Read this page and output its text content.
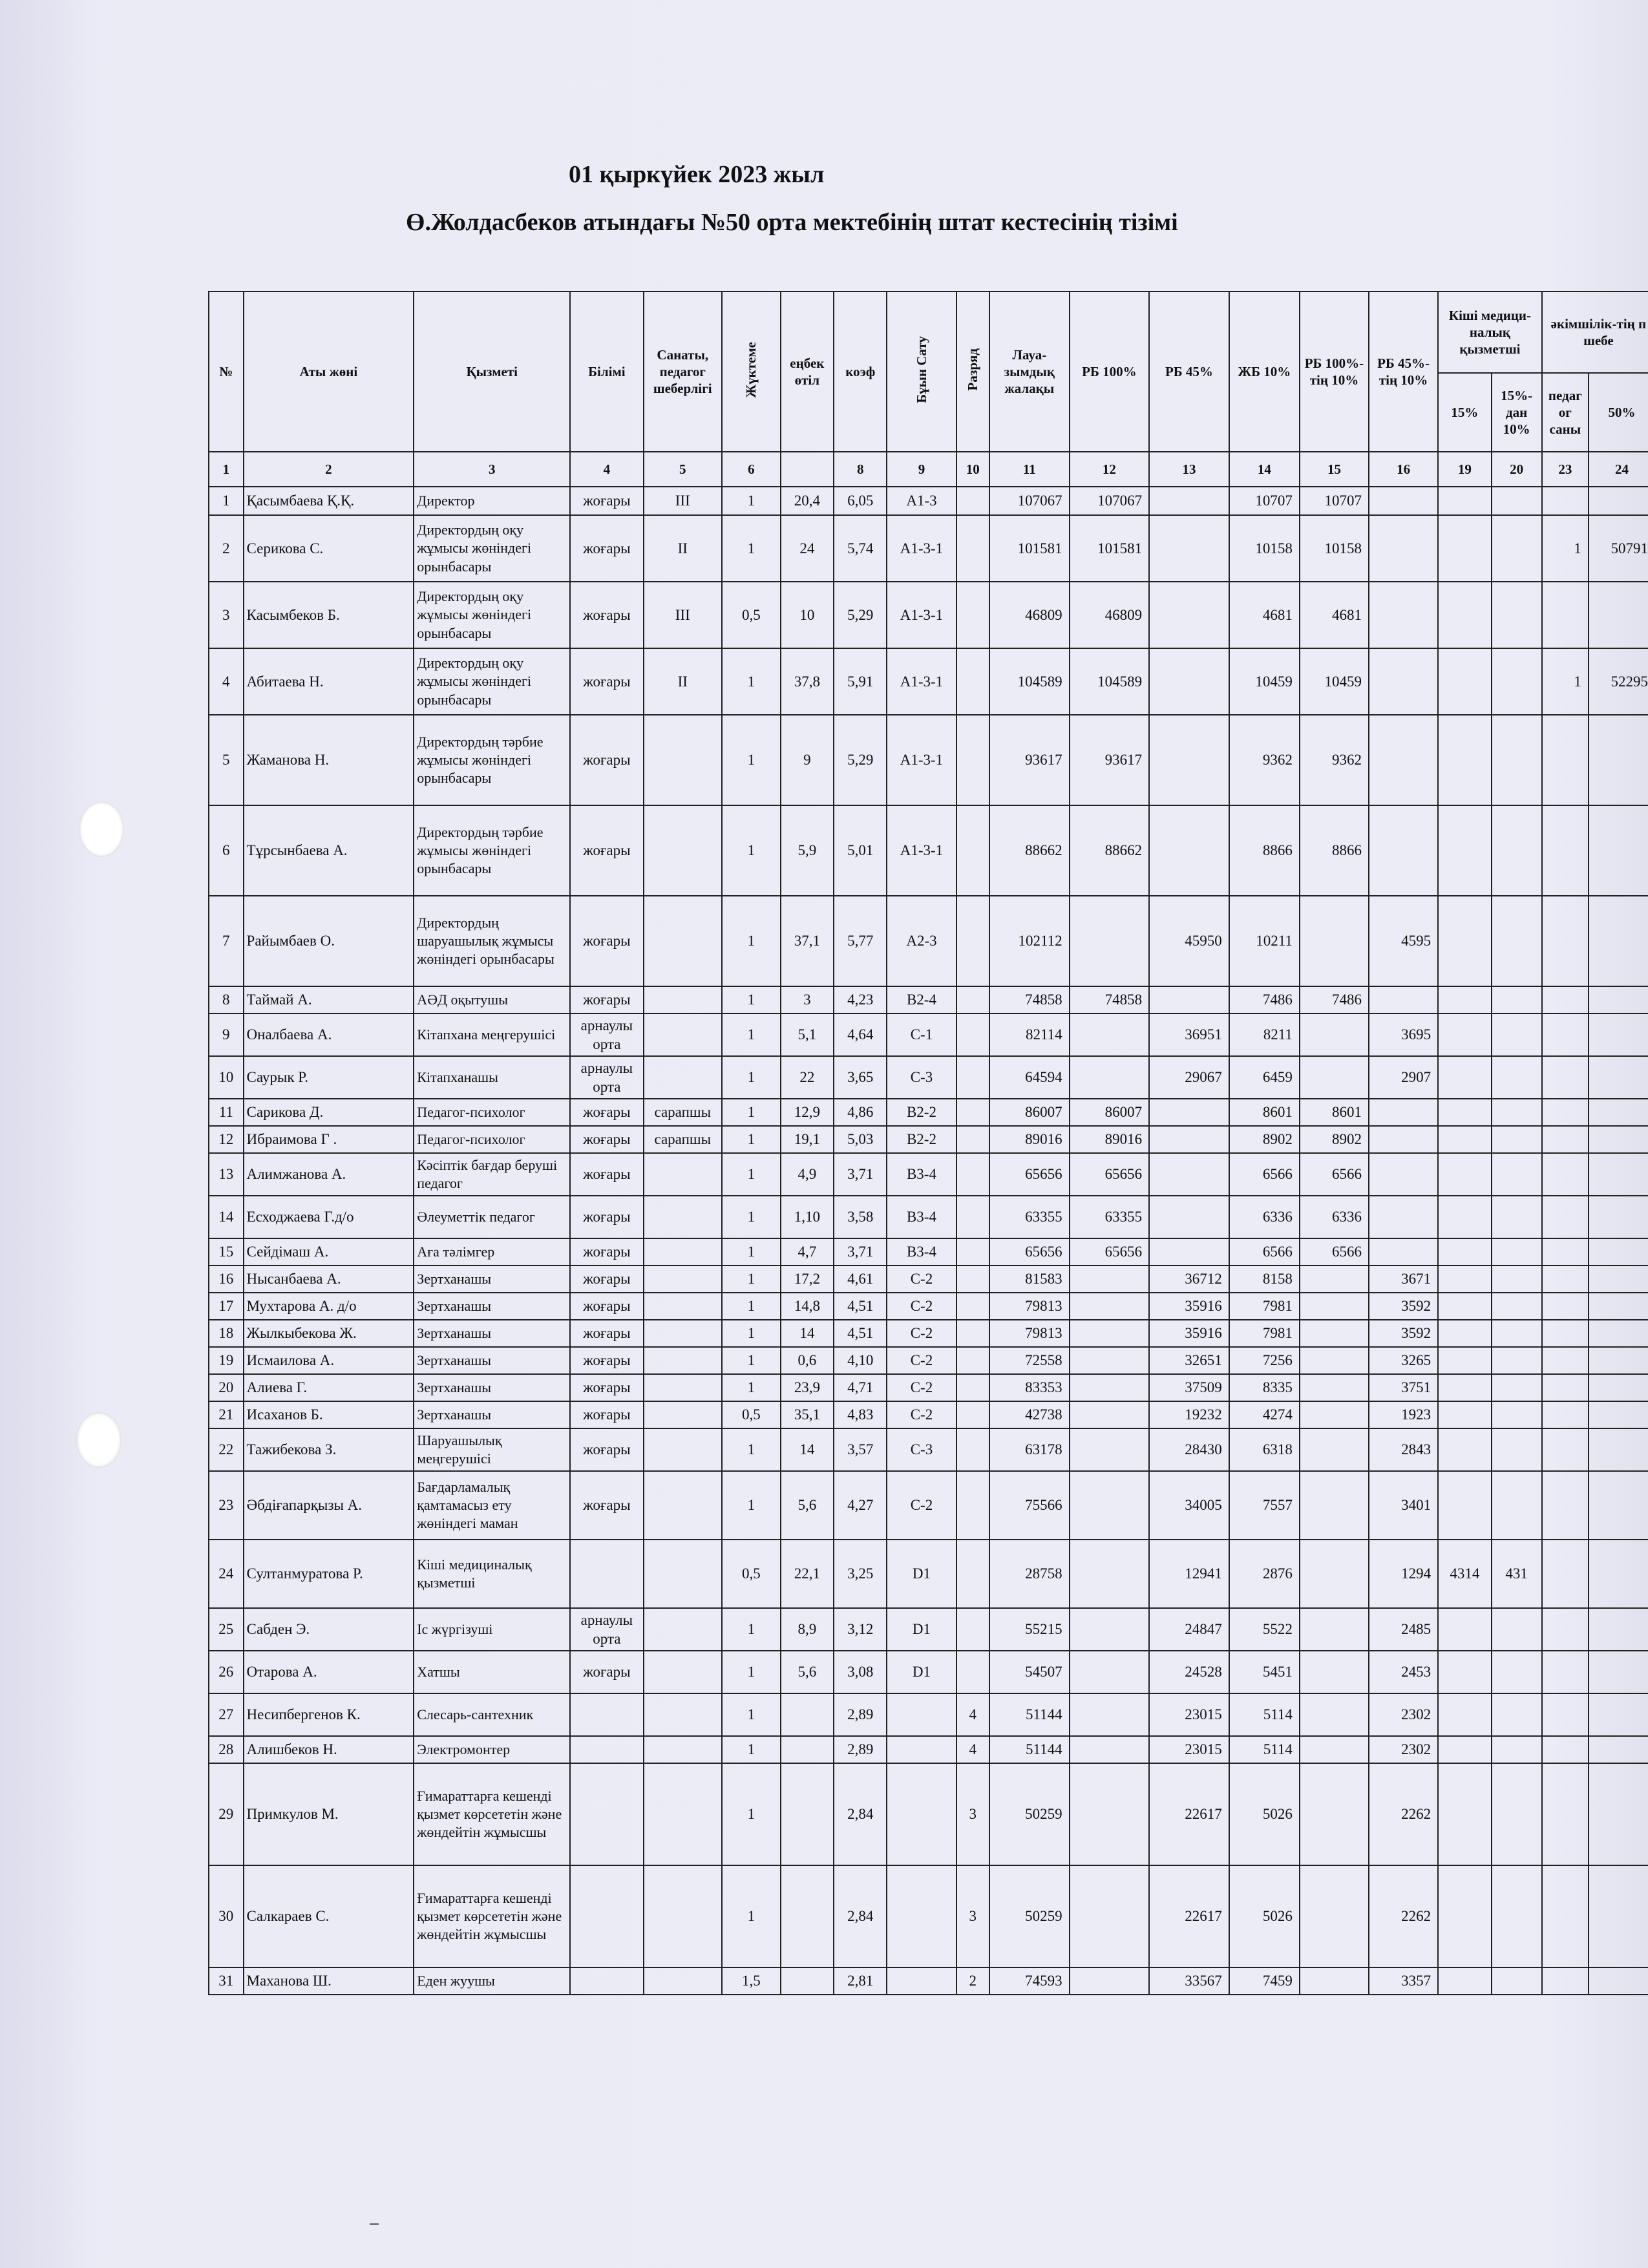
01 қыркүйек 2023 жыл
Ө.Жолдасбеков атындағы №50 орта мектебінің штат кестесінің тізімі
№	Аты жөні	Қызметі	Білімі	Санаты, педагог шеберлігі	Жүктеме	еңбек өтіл	коэф	Бұын Сату	Разряд	Лауа- зымдық жалақы	РБ 100%	РБ 45%	ЖБ 10%	РБ 100%- тің 10%	РБ 45%- тің 10%	Кіші медици- налық қызметші		әкімшілік-тің п шебе	
																15%	15%- дан 10%	педаг ог саны	50%
1	2	3	4	5	6		8	9	10	11	12	13	14	15	16	19	20	23	24
1	Қасымбаева Қ.Қ.	Директор	жоғары	III	1	20,4	6,05	A1-3		107067	107067		10707	10707					
2	Серикова С.	Директордың оқу жұмысы жөніндегі орынбасары	жоғары	II	1	24	5,74	A1-3-1		101581	101581		10158	10158				1	50791
3	Касымбеков Б.	Директордың оқу жұмысы жөніндегі орынбасары	жоғары	III	0,5	10	5,29	A1-3-1		46809	46809		4681	4681					
4	Абитаева Н.	Директордың оқу жұмысы жөніндегі орынбасары	жоғары	II	1	37,8	5,91	A1-3-1		104589	104589		10459	10459				1	52295
5	Жаманова Н.	Директордың тәрбие жұмысы жөніндегі орынбасары	жоғары		1	9	5,29	A1-3-1		93617	93617		9362	9362					
6	Тұрсынбаева А.	Директордың тәрбие жұмысы жөніндегі орынбасары	жоғары		1	5,9	5,01	A1-3-1		88662	88662		8866	8866					
7	Райымбаев О.	Директордың шаруашылық жұмысы жөніндегі орынбасары	жоғары		1	37,1	5,77	A2-3		102112		45950	10211		4595				
8	Таймай А.	АӘД оқытушы	жоғары		1	3	4,23	B2-4		74858	74858		7486	7486					
9	Оналбаева А.	Кітапхана меңгерушісі	арнаулы орта		1	5,1	4,64	C-1		82114		36951	8211		3695				
10	Саурык Р.	Кітапханашы	арнаулы орта		1	22	3,65	C-3		64594		29067	6459		2907				
11	Сарикова Д.	Педагог-психолог	жоғары	сарапшы	1	12,9	4,86	B2-2		86007	86007		8601	8601					
12	Ибраимова Г .	Педагог-психолог	жоғары	сарапшы	1	19,1	5,03	B2-2		89016	89016		8902	8902					
13	Алимжанова А.	Кәсіптік бағдар беруші педагог	жоғары		1	4,9	3,71	B3-4		65656	65656		6566	6566					
14	Есходжаева Г.д/о	Әлеуметтік педагог	жоғары		1	1,10	3,58	B3-4		63355	63355		6336	6336					
15	Сейдімаш А.	Аға тәлімгер	жоғары		1	4,7	3,71	B3-4		65656	65656		6566	6566					
16	Нысанбаева А.	Зертханашы	жоғары		1	17,2	4,61	C-2		81583		36712	8158		3671				
17	Мухтарова А. д/о	Зертханашы	жоғары		1	14,8	4,51	C-2		79813		35916	7981		3592				
18	Жылкыбекова Ж.	Зертханашы	жоғары		1	14	4,51	C-2		79813		35916	7981		3592				
19	Исмаилова А.	Зертханашы	жоғары		1	0,6	4,10	C-2		72558		32651	7256		3265				
20	Алиева Г.	Зертханашы	жоғары		1	23,9	4,71	C-2		83353		37509	8335		3751				
21	Исаханов Б.	Зертханашы	жоғары		0,5	35,1	4,83	C-2		42738		19232	4274		1923				
22	Тажибекова З.	Шаруашылық меңгерушісі	жоғары		1	14	3,57	C-3		63178		28430	6318		2843				
23	Әбдіғапарқызы А.	Бағдарламалық қамтамасыз ету жөніндегі маман	жоғары		1	5,6	4,27	C-2		75566		34005	7557		3401				
24	Султанмуратова Р.	Кіші медициналық қызметші			0,5	22,1	3,25	D1		28758		12941	2876		1294	4314	431		
25	Сабден Э.	Іс жүргізуші	арнаулы орта		1	8,9	3,12	D1		55215		24847	5522		2485				
26	Отарова А.	Хатшы	жоғары		1	5,6	3,08	D1		54507		24528	5451		2453				
27	Несипбергенов К.	Слесарь-сантехник			1		2,89		4	51144		23015	5114		2302				
28	Алишбеков Н.	Электромонтер			1		2,89		4	51144		23015	5114		2302				
29	Примкулов М.	Ғимараттарға кешенді қызмет көрсететін және жөндейтін жұмысшы			1		2,84		3	50259		22617	5026		2262				
30	Салкараев С.	Ғимараттарға кешенді қызмет көрсететін және жөндейтін жұмысшы			1		2,84		3	50259		22617	5026		2262				
31	Маханова Ш.	Еден жуушы			1,5		2,81		2	74593		33567	7459		3357				
